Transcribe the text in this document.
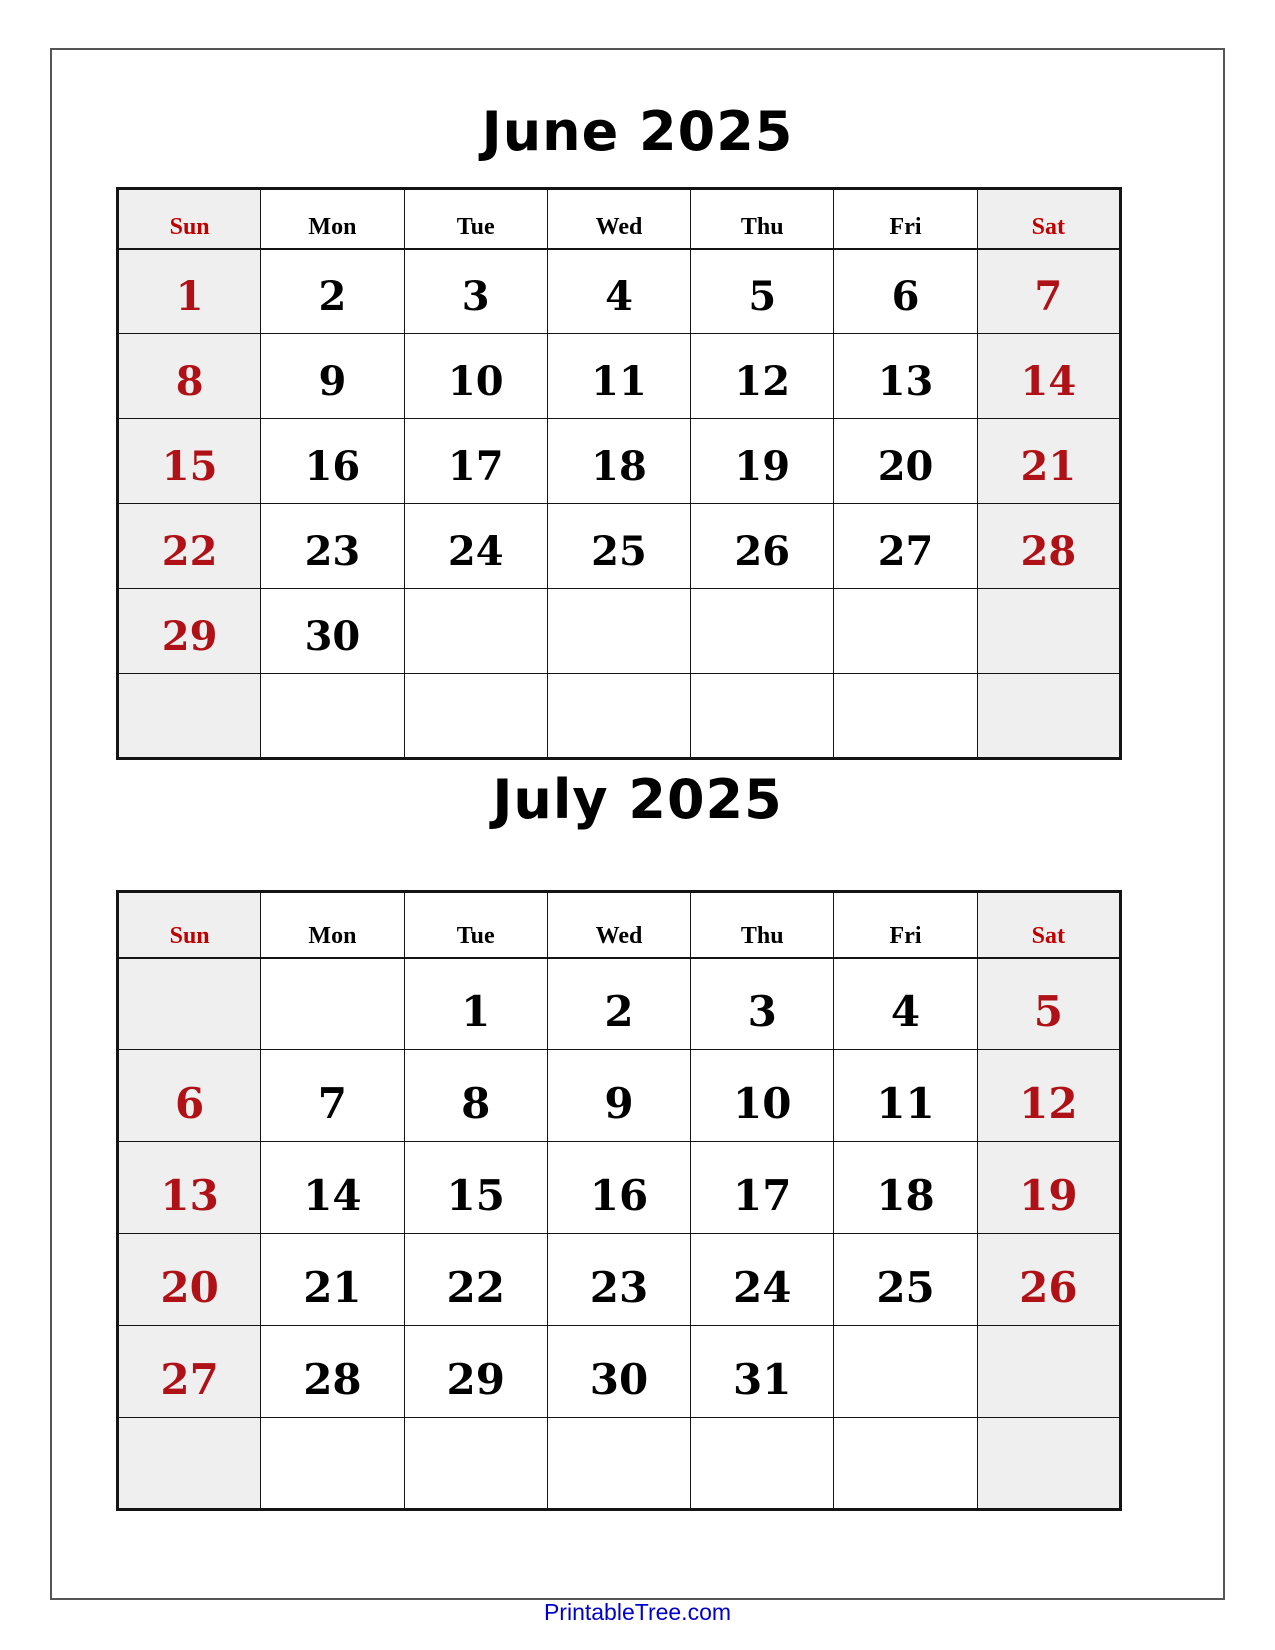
June 2025
Sun	Mon	Tue	Wed	Thu	Fri	Sat
1	2	3	4	5	6	7
8	9	10	11	12	13	14
15	16	17	18	19	20	21
22	23	24	25	26	27	28
29	30					

July 2025
Sun	Mon	Tue	Wed	Thu	Fri	Sat
		1	2	3	4	5
6	7	8	9	10	11	12
13	14	15	16	17	18	19
20	21	22	23	24	25	26
27	28	29	30	31		

PrintableTree.com
